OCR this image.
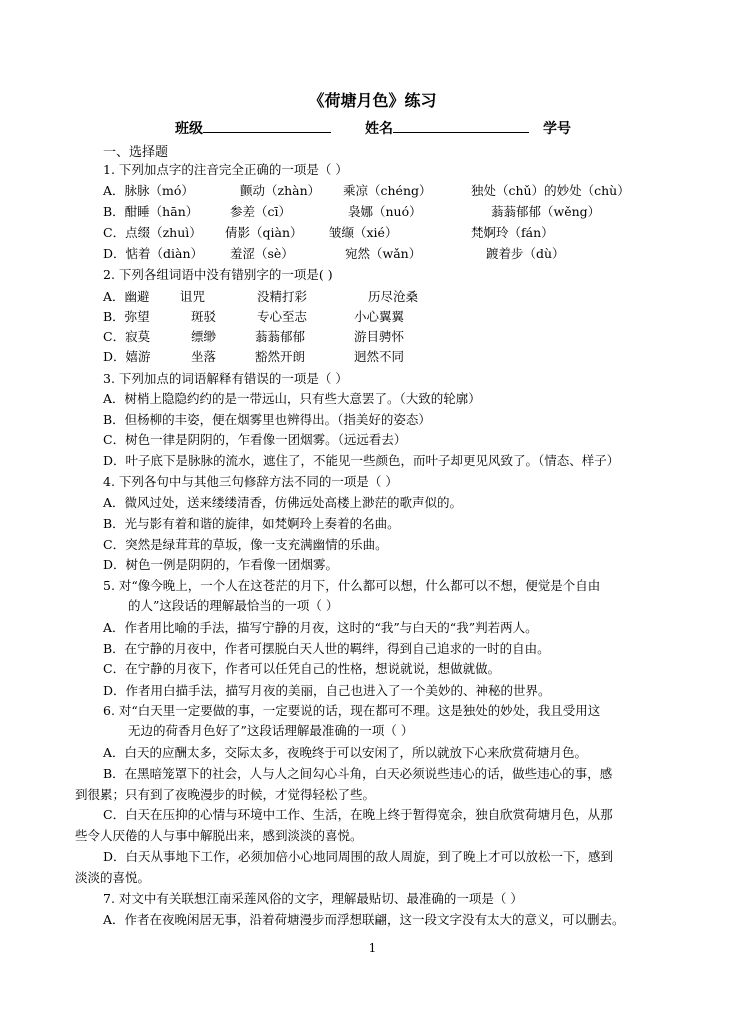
《荷塘月色》练习
班级	姓名	学号
一、选择题
1. 下列加点字的注音完全正确的一项是（ ）
A．脉脉（mó）	颤动（zhàn） 乘凉（chéng）	独处（chǔ）的妙处（chù）
B．酣睡（hān）	参差（cī）	袅娜（nuó）	蓊蓊郁郁（wěng）
C．点缀（zhuì） 倩影（qiàn） 皱缬（xié）	梵婀玲（fán）
D．惦着（diàn） 羞涩（sè）	宛然（wǎn）	踱着步（dù）
2. 下列各组词语中没有错别字的一项是( )
A．幽避 诅咒	没精打彩	历尽沧桑
B．弥望	斑驳	专心至志	小心翼翼
C．寂莫	缥缈	蓊蓊郁郁	游目骋怀
D．嬉游	坐落	豁然开朗	迥然不同
3. 下列加点的词语解释有错误的一项是（ ）
A．树梢上隐隐约约的是一带远山，只有些大意罢了。（大致的轮廓）
B．但杨柳的丰姿，便在烟雾里也辨得出。（指美好的姿态）
C．树色一律是阴阴的，乍看像一团烟雾。（远远看去）
D．叶子底下是脉脉的流水，遮住了，不能见一些颜色，而叶子却更见风致了。（情态、样子）
4. 下列各句中与其他三句修辞方法不同的一项是（ ）
A．微风过处，送来缕缕清香，仿佛远处高楼上渺茫的歌声似的。
B．光与影有着和谐的旋律，如梵婀玲上奏着的名曲。
C．突然是绿茸茸的草坂，像一支充满幽情的乐曲。
D．树色一例是阴阴的，乍看像一团烟雾。
5. 对“像今晚上，一个人在这苍茫的月下，什么都可以想，什么都可以不想，便觉是个自由
的人”这段话的理解最恰当的一项（ ）
A．作者用比喻的手法，描写宁静的月夜，这时的“我”与白天的“我”判若两人。
B．在宁静的月夜中，作者可摆脱白天人世的羁绊，得到自己追求的一时的自由。
C．在宁静的月夜下，作者可以任凭自己的性格，想说就说，想做就做。
D．作者用白描手法，描写月夜的美丽，自己也进入了一个美妙的、神秘的世界。
6. 对“白天里一定要做的事，一定要说的话，现在都可不理。这是独处的妙处，我且受用这
无边的荷香月色好了”这段话理解最准确的一项（ ）
A．白天的应酬太多，交际太多，夜晚终于可以安闲了，所以就放下心来欣赏荷塘月色。
B．在黑暗笼罩下的社会，人与人之间勾心斗角，白天必须说些违心的话，做些违心的事，感
到很累；只有到了夜晚漫步的时候，才觉得轻松了些。
C．白天在压抑的心情与环境中工作、生活，在晚上终于暂得宽余，独自欣赏荷塘月色，从那
些令人厌倦的人与事中解脱出来，感到淡淡的喜悦。
D．白天从事地下工作，必须加倍小心地同周围的敌人周旋，到了晚上才可以放松一下，感到
淡淡的喜悦。
7. 对文中有关联想江南采莲风俗的文字，理解最贴切、最准确的一项是（ ）
A．作者在夜晚闲居无事，沿着荷塘漫步而浮想联翩，这一段文字没有太大的意义，可以删去。
1
